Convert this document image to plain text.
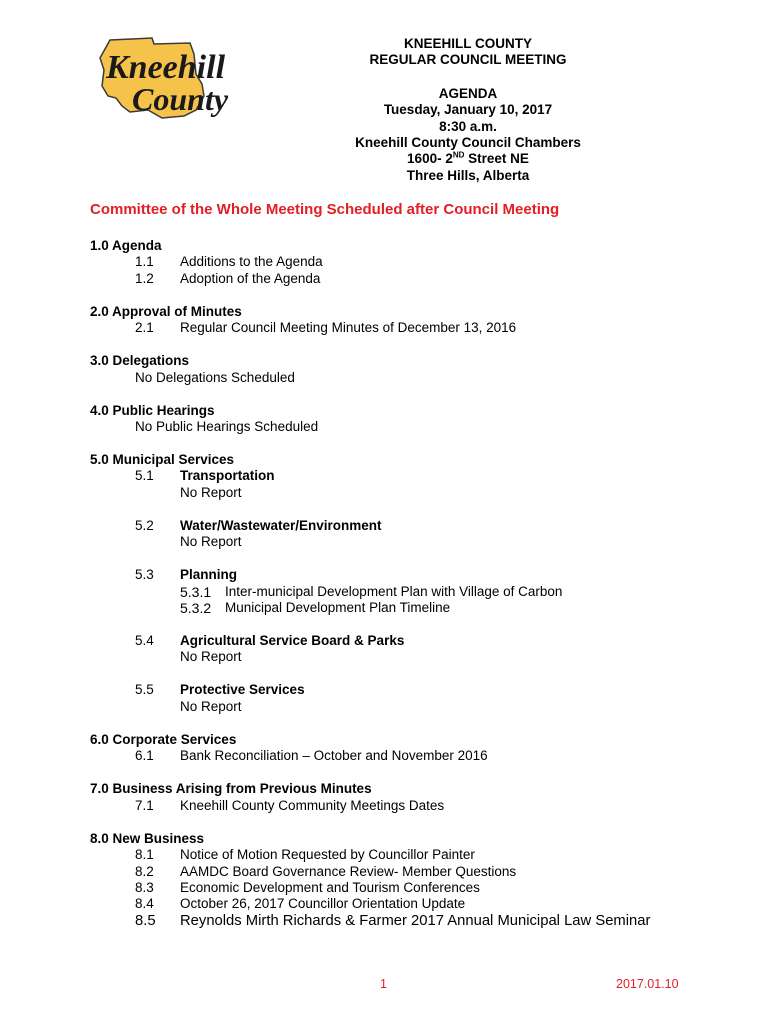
Kneehill
County
KNEEHILL COUNTY
REGULAR COUNCIL MEETING
AGENDA
Tuesday, January 10, 2017
8:30 a.m.
Kneehill County Council Chambers
1600- 2ND Street NE
Three Hills, Alberta
Committee of the Whole Meeting Scheduled after Council Meeting
1.0 Agenda
1.1	Additions to the Agenda
1.2	Adoption of the Agenda
2.0 Approval of Minutes
2.1	Regular Council Meeting Minutes of December 13, 2016
3.0 Delegations
No Delegations Scheduled
4.0 Public Hearings
No Public Hearings Scheduled
5.0 Municipal Services
5.1	Transportation
No Report
5.2	Water/Wastewater/Environment
No Report
5.3	Planning
5.3.1	Inter-municipal Development Plan with Village of Carbon
5.3.2	Municipal Development Plan Timeline
5.4	Agricultural Service Board & Parks
No Report
5.5	Protective Services
No Report
6.0 Corporate Services
6.1	Bank Reconciliation – October and November 2016
7.0 Business Arising from Previous Minutes
7.1	Kneehill County Community Meetings Dates
8.0 New Business
8.1	Notice of Motion Requested by Councillor Painter
8.2	AAMDC Board Governance Review- Member Questions
8.3	Economic Development and Tourism Conferences
8.4	October 26, 2017 Councillor Orientation Update
8.5	Reynolds Mirth Richards & Farmer 2017 Annual Municipal Law Seminar
1	2017.01.10
